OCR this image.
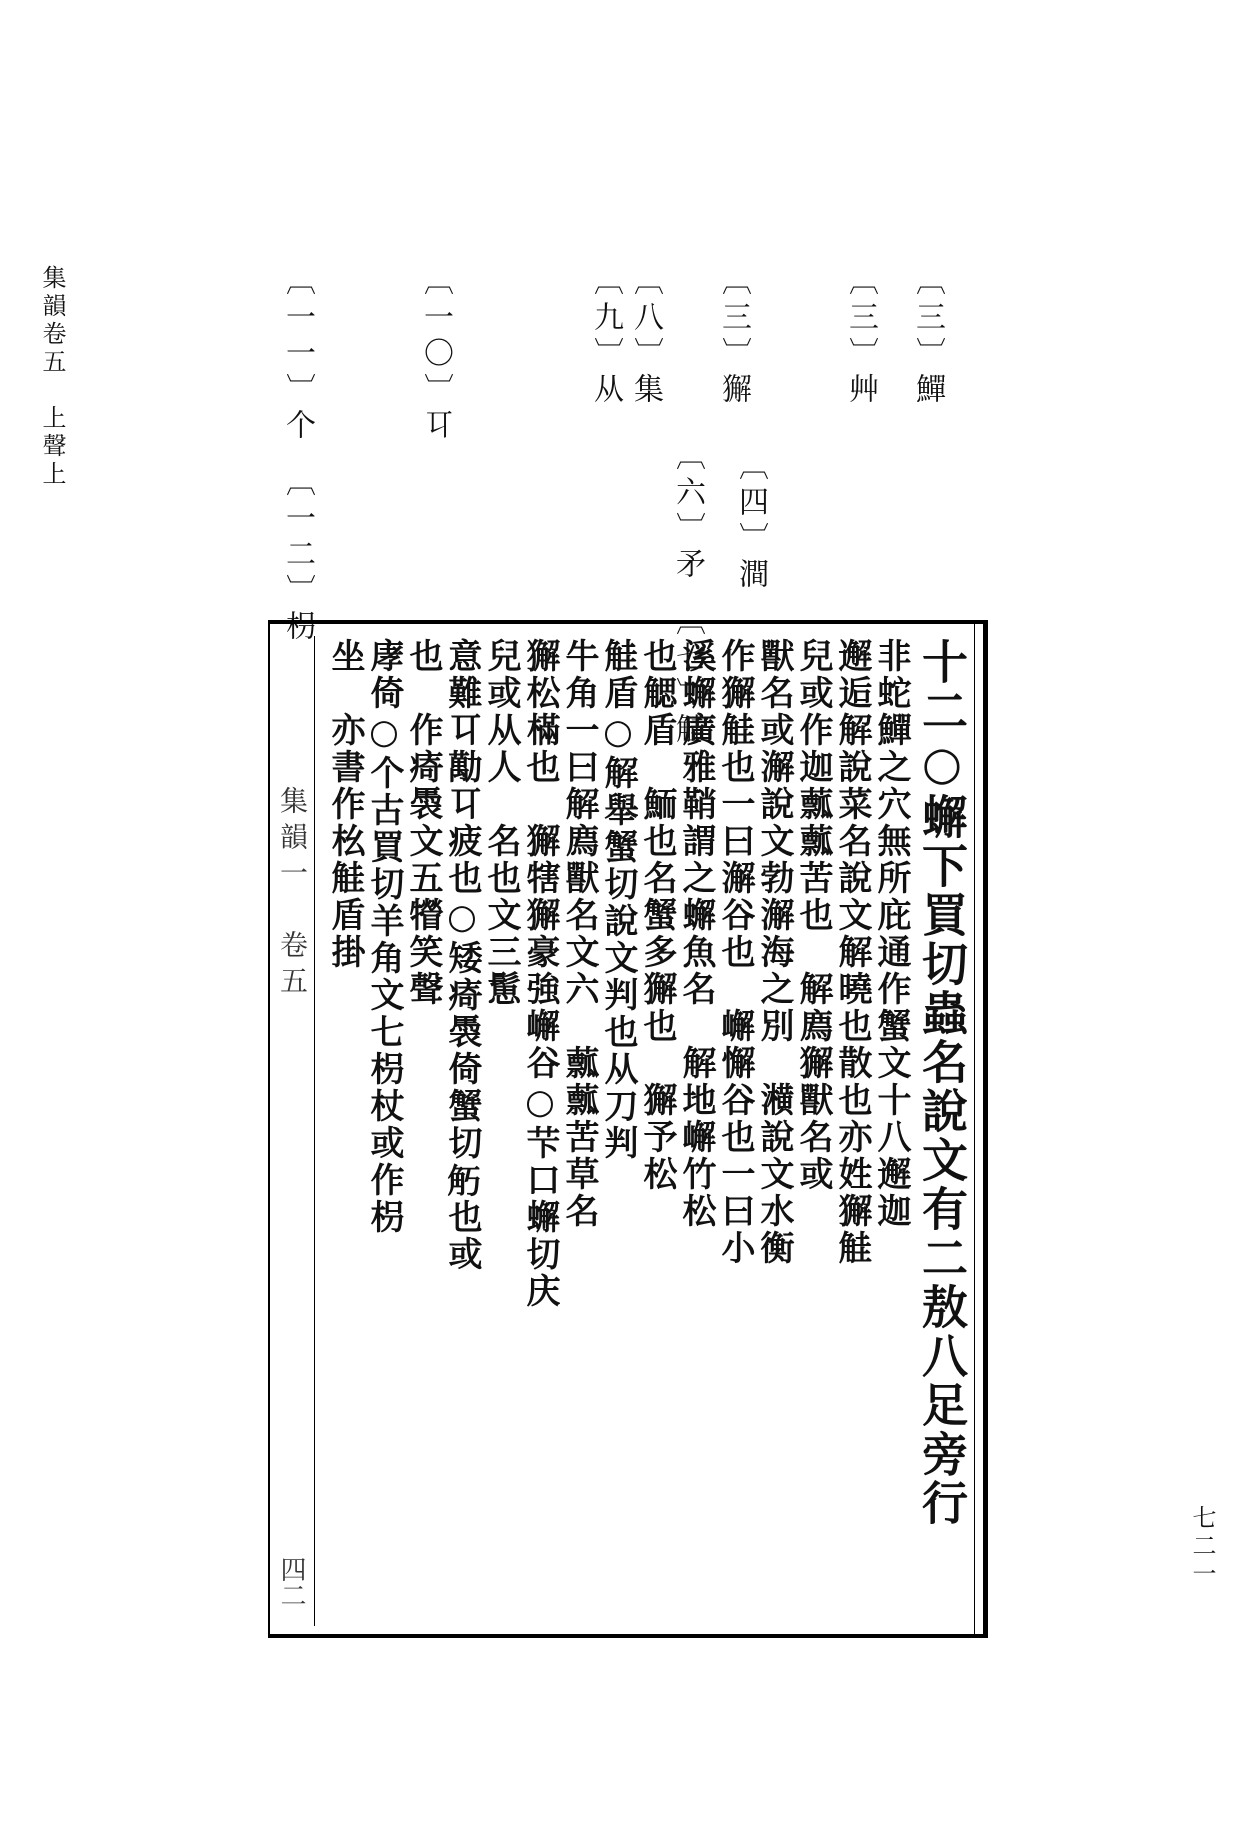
集韻卷五　上聲上
七二一
〔三〕鱓
〔三〕艸
〔三〕獬
〔四〕澗
〔八〕集
〔六〕矛　〔七〕觟
〔九〕从
〔一〇〕㔿
〔一一〕个　〔一二〕枴
集韻一　卷五
四二
十二○蠏下買切蟲名說文有二敖八足旁行
非蛇鱓之穴無所庇通作蟹文十八邂迦
邂逅解說菜名說文解曉也散也亦姓獬觟
兒或作迦䕯䕯苦也　解廌獬獸名或
獸名或澥說文勃澥海之別　㶇說文水衡
作獬觟也一曰澥谷也　嶰懈谷也一曰小
溪蠏廣雅鞘謂之蠏魚名　解地嶰竹松
也䚡盾　鮞也名蟹多獬也　獬予松
觟盾○解舉蟹切說文判也从刀判
牛角一曰解廌獸名文六　䕯䕯苦草名
獬松樠也　獬犗獬豪強嶰谷○芐口蠏切庆
兒或从人　名也文三䰄
意難㔿勱㔿疲也○矮㾨䮍倚蟹切𧢵也或
也　作㾨䮍文五㹙笑聲
庨倚○个古買切羊角文七枴杖或作枴
坐　亦書作㭃觟盾掛
